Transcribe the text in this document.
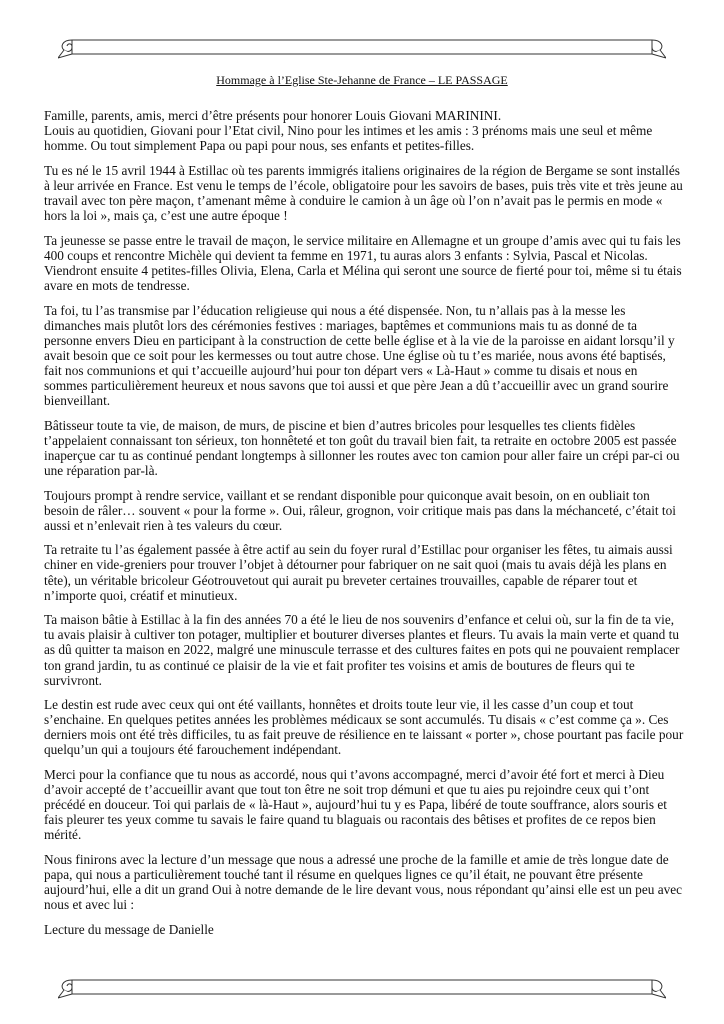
Hommage à l’Eglise Ste-Jehanne de France – LE PASSAGE

Famille, parents, amis, merci d’être présents pour honorer Louis Giovani MARININI.
Louis au quotidien, Giovani pour l’Etat civil, Nino pour les intimes et les amis : 3 prénoms mais une seul et même homme. Ou tout simplement Papa ou papi pour nous, ses enfants et petites-filles.

Tu es né le 15 avril 1944 à Estillac où tes parents immigrés italiens originaires de la région de Bergame se sont installés à leur arrivée en France. Est venu le temps de l’école, obligatoire pour les savoirs de bases, puis très vite et très jeune au travail avec ton père maçon, t’amenant même à conduire le camion à un âge où l’on n’avait pas le permis en mode « hors la loi », mais ça, c’est une autre époque !

Ta jeunesse se passe entre le travail de maçon, le service militaire en Allemagne et un groupe d’amis avec qui tu fais les 400 coups et rencontre Michèle qui devient ta femme en 1971, tu auras alors 3 enfants : Sylvia, Pascal et Nicolas. Viendront ensuite 4 petites-filles Olivia, Elena, Carla et Mélina qui seront une source de fierté pour toi, même si tu étais avare en mots de tendresse.

Ta foi, tu l’as transmise par l’éducation religieuse qui nous a été dispensée. Non, tu n’allais pas à la messe les dimanches mais plutôt lors des cérémonies festives : mariages, baptêmes et communions mais tu as donné de ta personne envers Dieu en participant à la construction de cette belle église et à la vie de la paroisse en aidant lorsqu’il y avait besoin que ce soit pour les kermesses ou tout autre chose. Une église où tu t’es mariée, nous avons été baptisés, fait nos communions et qui t’accueille aujourd’hui pour ton départ vers « Là-Haut » comme tu disais et nous en sommes particulièrement heureux et nous savons que toi aussi et que père Jean a dû t’accueillir avec un grand sourire bienveillant.

Bâtisseur toute ta vie, de maison, de murs, de piscine et bien d’autres bricoles pour lesquelles tes clients fidèles t’appelaient connaissant ton sérieux, ton honnêteté et ton goût du travail bien fait, ta retraite en octobre 2005 est passée inaperçue car tu as continué pendant longtemps à sillonner les routes avec ton camion pour aller faire un crépi par-ci ou une réparation par-là.

Toujours prompt à rendre service, vaillant et se rendant disponible pour quiconque avait besoin, on en oubliait ton besoin de râler… souvent « pour la forme ». Oui, râleur, grognon, voir critique mais pas dans la méchanceté, c’était toi aussi et n’enlevait rien à tes valeurs du cœur.

Ta retraite tu l’as également passée à être actif au sein du foyer rural d’Estillac pour organiser les fêtes, tu aimais aussi chiner en vide-greniers pour trouver l’objet à détourner pour fabriquer on ne sait quoi (mais tu avais déjà les plans en tête), un véritable bricoleur Géotrouvetout qui aurait pu breveter certaines trouvailles, capable de réparer tout et n’importe quoi, créatif et minutieux.

Ta maison bâtie à Estillac à la fin des années 70 a été le lieu de nos souvenirs d’enfance et celui où, sur la fin de ta vie, tu avais plaisir à cultiver ton potager, multiplier et bouturer diverses plantes et fleurs. Tu avais la main verte et quand tu as dû quitter ta maison en 2022, malgré une minuscule terrasse et des cultures faites en pots qui ne pouvaient remplacer ton grand jardin, tu as continué ce plaisir de la vie et fait profiter tes voisins et amis de boutures de fleurs qui te survivront.

Le destin est rude avec ceux qui ont été vaillants, honnêtes et droits toute leur vie, il les casse d’un coup et tout s’enchaine. En quelques petites années les problèmes médicaux se sont accumulés. Tu disais « c’est comme ça ». Ces derniers mois ont été très difficiles, tu as fait preuve de résilience en te laissant « porter », chose pourtant pas facile pour quelqu’un qui a toujours été farouchement indépendant.

Merci pour la confiance que tu nous as accordé, nous qui t’avons accompagné, merci d’avoir été fort et merci à Dieu d’avoir accepté de t’accueillir avant que tout ton être ne soit trop démuni et que tu aies pu rejoindre ceux qui t’ont précédé en douceur. Toi qui parlais de « là-Haut », aujourd’hui tu y es Papa, libéré de toute souffrance, alors souris et fais pleurer tes yeux comme tu savais le faire quand tu blaguais ou racontais des bêtises et profites de ce repos bien mérité.

Nous finirons avec la lecture d’un message que nous a adressé une proche de la famille et amie de très longue date de papa, qui nous a particulièrement touché tant il résume en quelques lignes ce qu’il était, ne pouvant être présente aujourd’hui, elle a dit un grand Oui à notre demande de le lire devant vous, nous répondant qu’ainsi elle est un peu avec nous et avec lui :

Lecture du message de Danielle
